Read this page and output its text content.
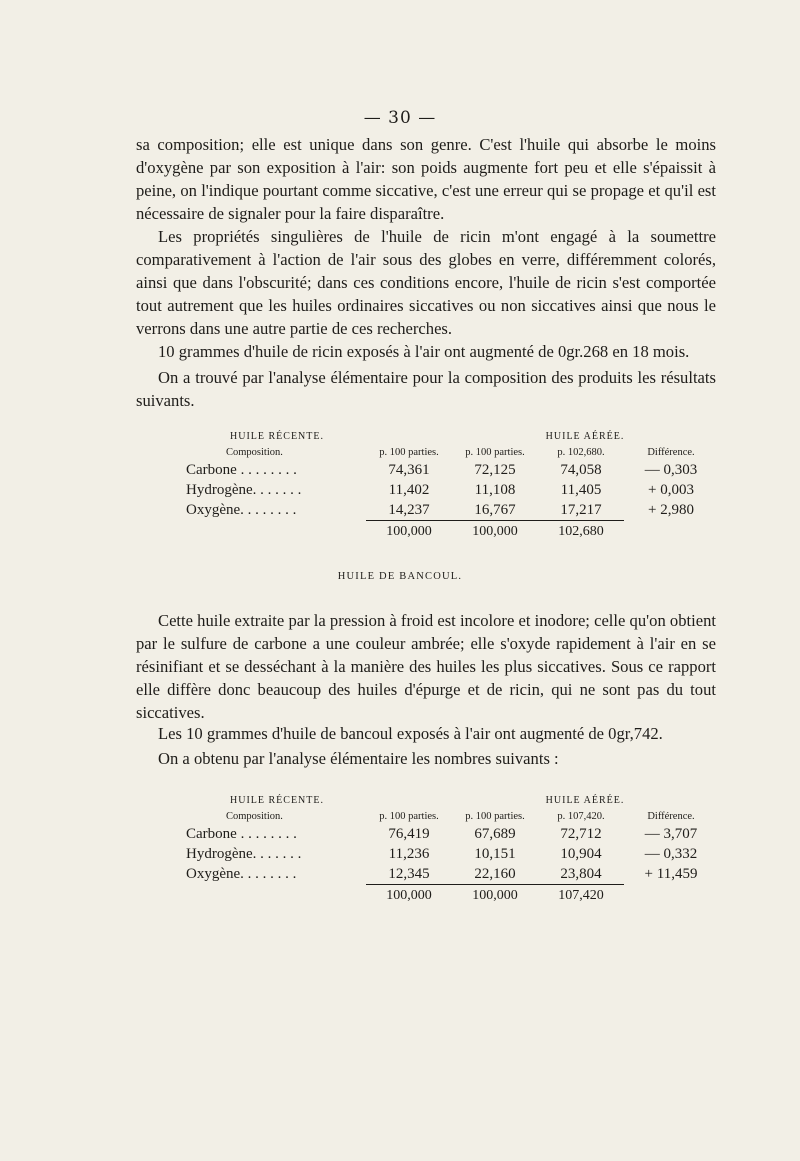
— 30 —

sa composition; elle est unique dans son genre. C'est l'huile qui absorbe le moins d'oxygène par son exposition à l'air: son poids augmente fort peu et elle s'épaissit à peine, on l'indique pourtant comme siccative, c'est une erreur qui se propage et qu'il est nécessaire de signaler pour la faire disparaître.

Les propriétés singulières de l'huile de ricin m'ont engagé à la soumettre comparativement à l'action de l'air sous des globes en verre, différemment colorés, ainsi que dans l'obscurité; dans ces conditions encore, l'huile de ricin s'est comportée tout autrement que les huiles ordinaires siccatives ou non siccatives ainsi que nous le verrons dans une autre partie de ces recherches.

10 grammes d'huile de ricin exposés à l'air ont augmenté de 0gr.268 en 18 mois.

On a trouvé par l'analyse élémentaire pour la composition des produits les résultats suivants.

HUILE RÉCENTE.		HUILE AÉRÉE.		
Composition.	p. 100 parties.	p. 100 parties.	p. 102,680.	Différence.
Carbone . . . . . . . .	74,361	72,125	74,058	— 0,303
Hydrogène. . . . . . .	11,402	11,108	11,405	+ 0,003
Oxygène. . . . . . . .	14,237	16,767	17,217	+ 2,980
	100,000	100,000	102,680	
HUILE DE BANCOUL.

Cette huile extraite par la pression à froid est incolore et inodore; celle qu'on obtient par le sulfure de carbone a une couleur ambrée; elle s'oxyde rapidement à l'air en se résinifiant et se desséchant à la manière des huiles les plus siccatives. Sous ce rapport elle diffère donc beaucoup des huiles d'épurge et de ricin, qui ne sont pas du tout siccatives.

Les 10 grammes d'huile de bancoul exposés à l'air ont augmenté de 0gr,742.

On a obtenu par l'analyse élémentaire les nombres suivants :

HUILE RÉCENTE.		HUILE AÉRÉE.		
Composition.	p. 100 parties.	p. 100 parties.	p. 107,420.	Différence.
Carbone . . . . . . . .	76,419	67,689	72,712	— 3,707
Hydrogène. . . . . . .	11,236	10,151	10,904	— 0,332
Oxygène. . . . . . . .	12,345	22,160	23,804	+ 11,459
	100,000	100,000	107,420	
